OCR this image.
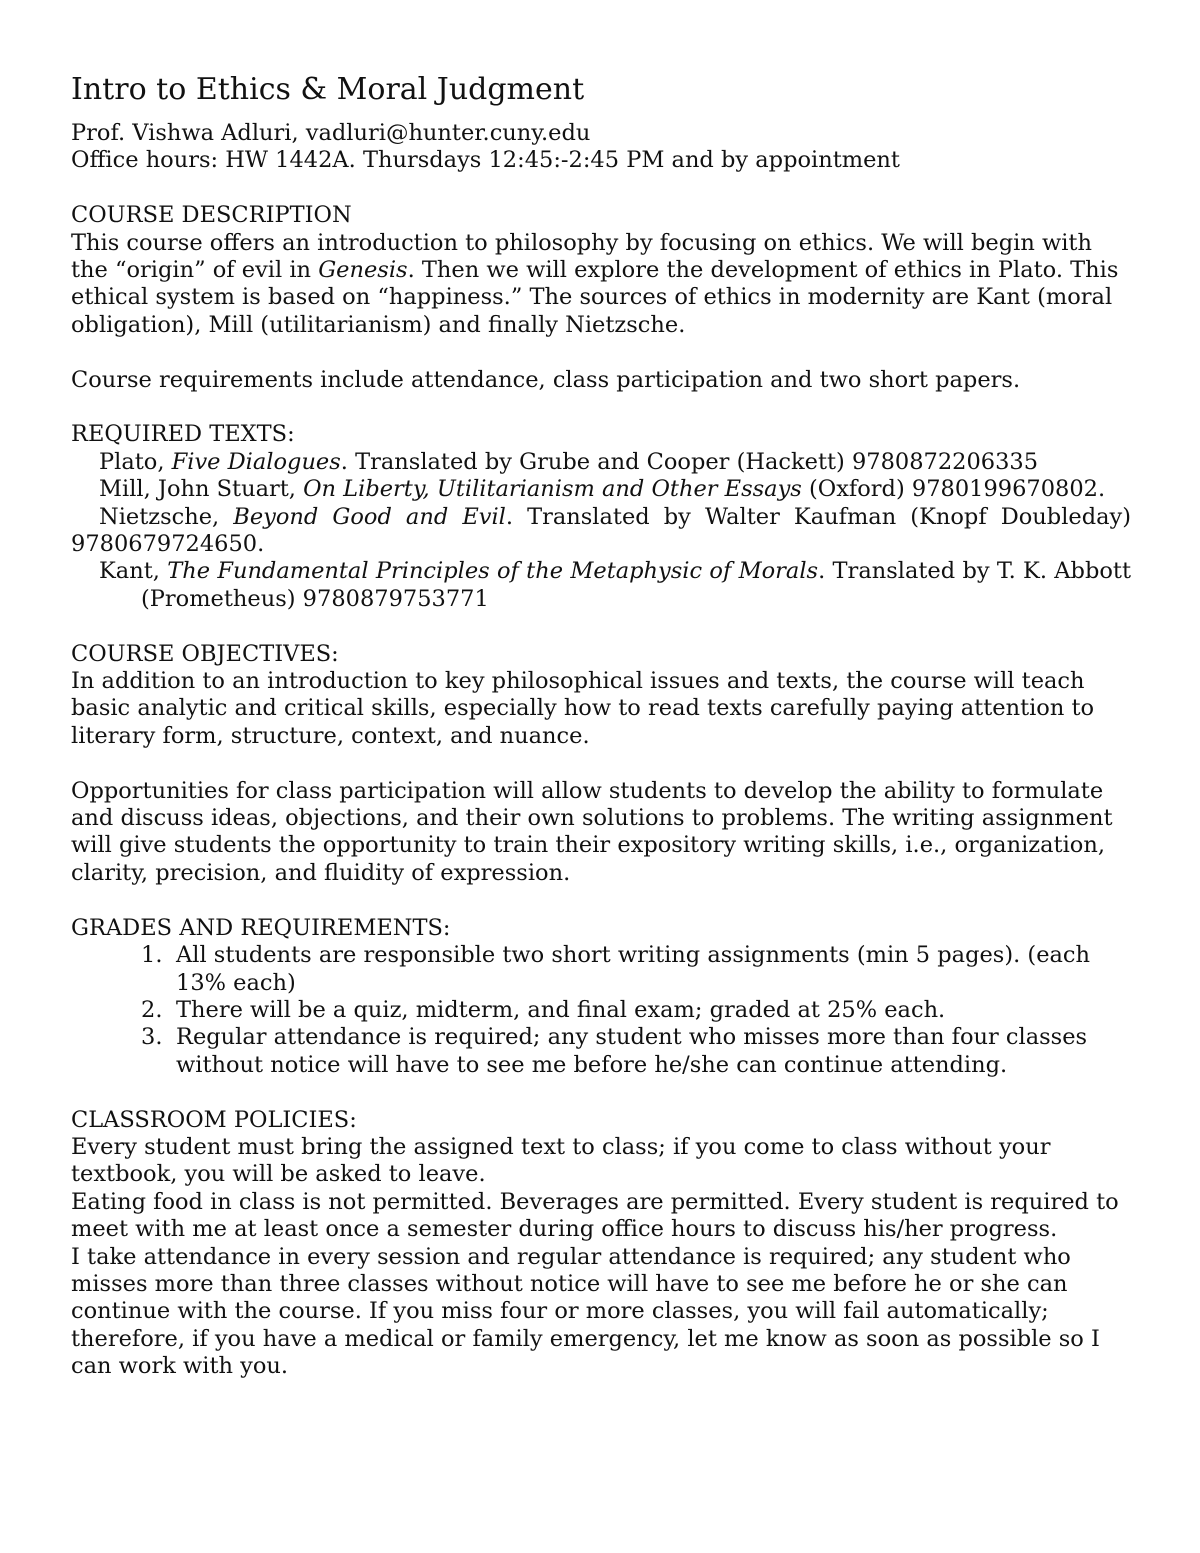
Intro to Ethics & Moral Judgment

Prof. Vishwa Adluri, vadluri@hunter.cuny.edu

Office hours: HW 1442A. Thursdays 12:45:-2:45 PM and by appointment

COURSE DESCRIPTION

This course offers an introduction to philosophy by focusing on ethics. We will begin with the “origin” of evil in Genesis. Then we will explore the development of ethics in Plato. This ethical system is based on “happiness.” The sources of ethics in modernity are Kant (moral obligation), Mill (utilitarianism) and finally Nietzsche.

Course requirements include attendance, class participation and two short papers.

REQUIRED TEXTS:

Plato, Five Dialogues. Translated by Grube and Cooper (Hackett) 9780872206335

Mill, John Stuart, On Liberty, Utilitarianism and Other Essays (Oxford) 9780199670802.

Nietzsche, Beyond Good and Evil. Translated by Walter Kaufman (Knopf Doubleday) 9780679724650.

Kant, The Fundamental Principles of the Metaphysic of Morals. Translated by T. K. Abbott (Prometheus) 9780879753771

COURSE OBJECTIVES:

In addition to an introduction to key philosophical issues and texts, the course will teach basic analytic and critical skills, especially how to read texts carefully paying attention to literary form, structure, context, and nuance.

Opportunities for class participation will allow students to develop the ability to formulate and discuss ideas, objections, and their own solutions to problems. The writing assignment will give students the opportunity to train their expository writing skills, i.e., organization, clarity, precision, and fluidity of expression.

GRADES AND REQUIREMENTS:

1. All students are responsible two short writing assignments (min 5 pages). (each 13% each)
2. There will be a quiz, midterm, and final exam; graded at 25% each.
3. Regular attendance is required; any student who misses more than four classes without notice will have to see me before he/she can continue attending.

CLASSROOM POLICIES:

Every student must bring the assigned text to class; if you come to class without your textbook, you will be asked to leave.

Eating food in class is not permitted. Beverages are permitted. Every student is required to meet with me at least once a semester during office hours to discuss his/her progress.

I take attendance in every session and regular attendance is required; any student who misses more than three classes without notice will have to see me before he or she can continue with the course. If you miss four or more classes, you will fail automatically; therefore, if you have a medical or family emergency, let me know as soon as possible so I can work with you.
